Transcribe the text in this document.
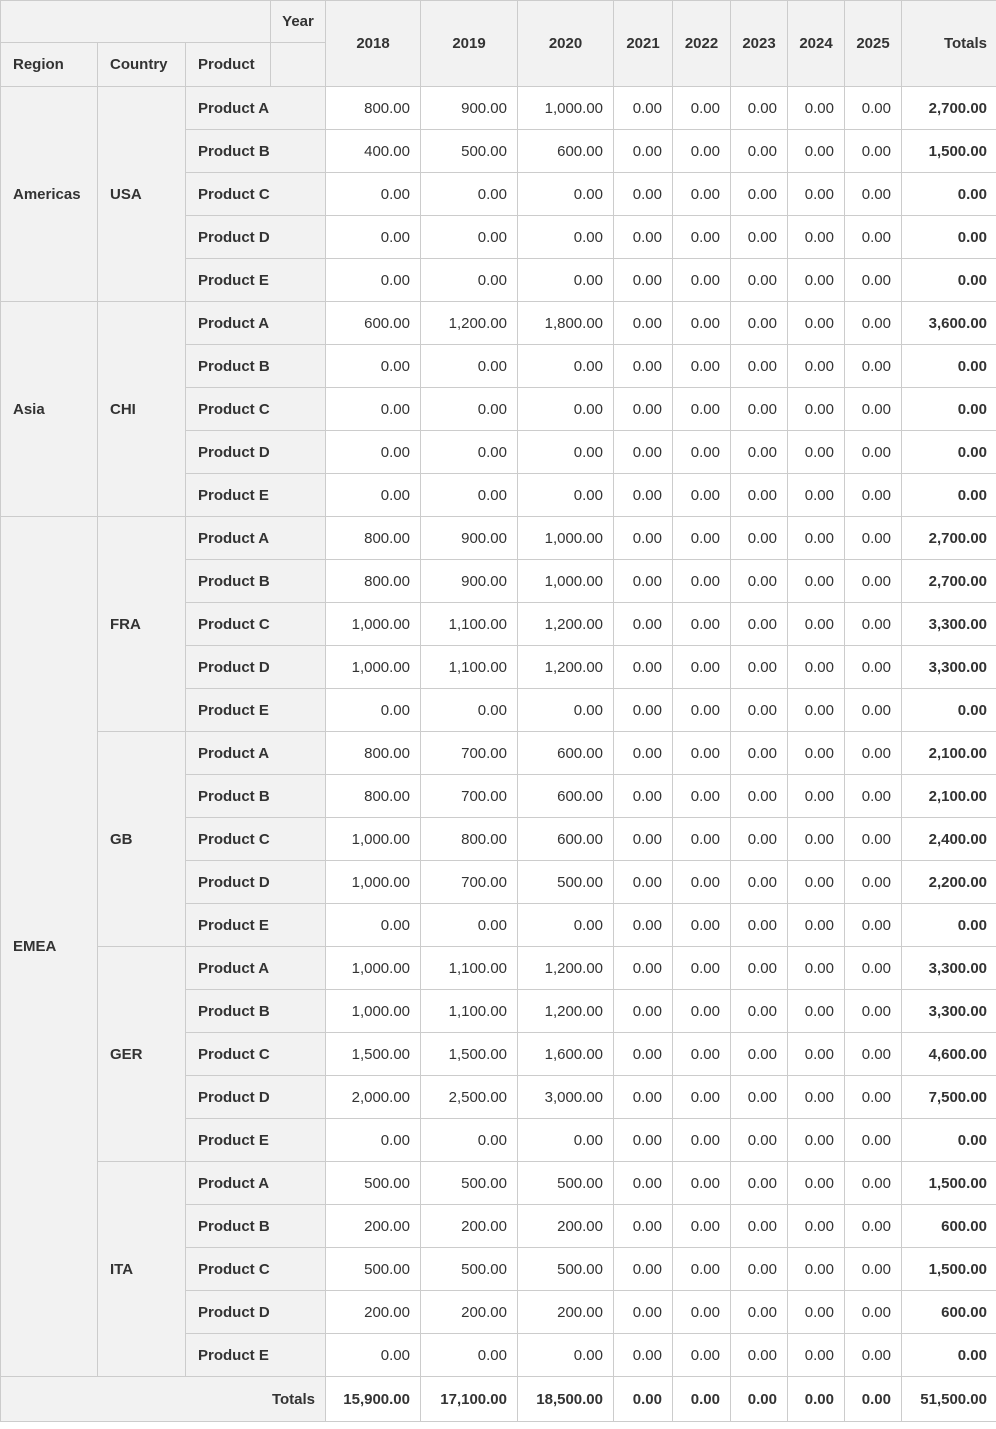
			Year	2018	2019	2020	2021	2022	2023	2024	2025	Totals
Region	Country	Product										
Americas	USA	Product A		800.00	900.00	1,000.00	0.00	0.00	0.00	0.00	0.00	2,700.00
		Product B		400.00	500.00	600.00	0.00	0.00	0.00	0.00	0.00	1,500.00
		Product C		0.00	0.00	0.00	0.00	0.00	0.00	0.00	0.00	0.00
		Product D		0.00	0.00	0.00	0.00	0.00	0.00	0.00	0.00	0.00
		Product E		0.00	0.00	0.00	0.00	0.00	0.00	0.00	0.00	0.00
Asia	CHI	Product A		600.00	1,200.00	1,800.00	0.00	0.00	0.00	0.00	0.00	3,600.00
		Product B		0.00	0.00	0.00	0.00	0.00	0.00	0.00	0.00	0.00
		Product C		0.00	0.00	0.00	0.00	0.00	0.00	0.00	0.00	0.00
		Product D		0.00	0.00	0.00	0.00	0.00	0.00	0.00	0.00	0.00
		Product E		0.00	0.00	0.00	0.00	0.00	0.00	0.00	0.00	0.00
EMEA	FRA	Product A		800.00	900.00	1,000.00	0.00	0.00	0.00	0.00	0.00	2,700.00
		Product B		800.00	900.00	1,000.00	0.00	0.00	0.00	0.00	0.00	2,700.00
		Product C		1,000.00	1,100.00	1,200.00	0.00	0.00	0.00	0.00	0.00	3,300.00
		Product D		1,000.00	1,100.00	1,200.00	0.00	0.00	0.00	0.00	0.00	3,300.00
		Product E		0.00	0.00	0.00	0.00	0.00	0.00	0.00	0.00	0.00
	GB	Product A		800.00	700.00	600.00	0.00	0.00	0.00	0.00	0.00	2,100.00
		Product B		800.00	700.00	600.00	0.00	0.00	0.00	0.00	0.00	2,100.00
		Product C		1,000.00	800.00	600.00	0.00	0.00	0.00	0.00	0.00	2,400.00
		Product D		1,000.00	700.00	500.00	0.00	0.00	0.00	0.00	0.00	2,200.00
		Product E		0.00	0.00	0.00	0.00	0.00	0.00	0.00	0.00	0.00
	GER	Product A		1,000.00	1,100.00	1,200.00	0.00	0.00	0.00	0.00	0.00	3,300.00
		Product B		1,000.00	1,100.00	1,200.00	0.00	0.00	0.00	0.00	0.00	3,300.00
		Product C		1,500.00	1,500.00	1,600.00	0.00	0.00	0.00	0.00	0.00	4,600.00
		Product D		2,000.00	2,500.00	3,000.00	0.00	0.00	0.00	0.00	0.00	7,500.00
		Product E		0.00	0.00	0.00	0.00	0.00	0.00	0.00	0.00	0.00
	ITA	Product A		500.00	500.00	500.00	0.00	0.00	0.00	0.00	0.00	1,500.00
		Product B		200.00	200.00	200.00	0.00	0.00	0.00	0.00	0.00	600.00
		Product C		500.00	500.00	500.00	0.00	0.00	0.00	0.00	0.00	1,500.00
		Product D		200.00	200.00	200.00	0.00	0.00	0.00	0.00	0.00	600.00
		Product E		0.00	0.00	0.00	0.00	0.00	0.00	0.00	0.00	0.00
Totals				15,900.00	17,100.00	18,500.00	0.00	0.00	0.00	0.00	0.00	51,500.00
